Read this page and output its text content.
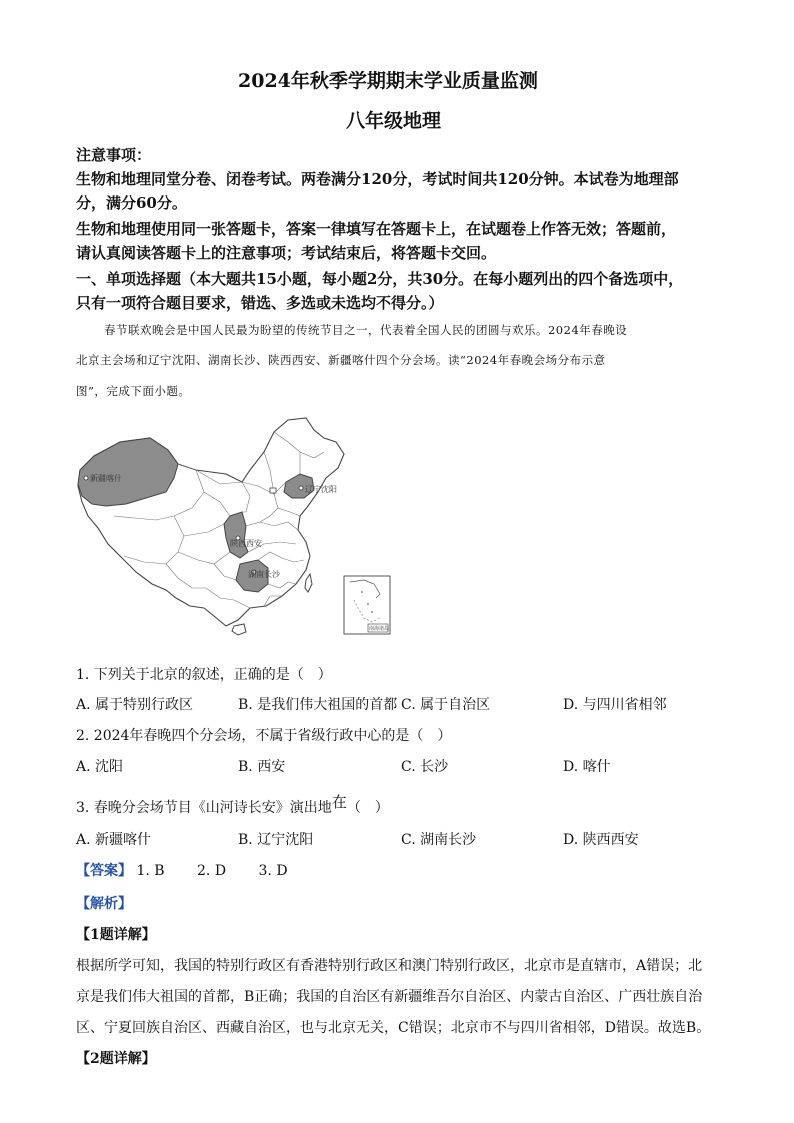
2024年秋季学期期末学业质量监测
八年级地理
注意事项：
生物和地理同堂分卷、闭卷考试。两卷满分120分，考试时间共120分钟。本试卷为地理部
分，满分60分。
生物和地理使用同一张答题卡，答案一律填写在答题卡上，在试题卷上作答无效；答题前，
请认真阅读答题卡上的注意事项；考试结束后，将答题卡交回。
一、单项选择题（本大题共15小题，每小题2分，共30分。在每小题列出的四个备选项中，
只有一项符合题目要求，错选、多选或未选均不得分。）
春节联欢晚会是中国人民最为盼望的传统节目之一，代表着全国人民的团圆与欢乐。2024年春晚设
北京主会场和辽宁沈阳、湖南长沙、陕西西安、新疆喀什四个分会场。读“2024年春晚会场分布示意
图”，完成下面小题。
新疆喀什
辽宁沈阳
陕西西安
湖南长沙
南海诸岛
1. 下列关于北京的叙述，正确的是（　）
A. 属于特别行政区	B. 是我们伟大祖国的首都 C. 属于自治区	D. 与四川省相邻
2. 2024年春晚四个分会场，不属于省级行政中心的是（　）
A. 沈阳	B. 西安	C. 长沙	D. 喀什
3. 春晚分会场节目《山河诗长安》演出地在（　）
A. 新疆喀什	B. 辽宁沈阳	C. 湖南长沙	D. 陕西西安
【答案】 1. B 2. D 3. D
【解析】
【1题详解】
根据所学可知，我国的特别行政区有香港特别行政区和澳门特别行政区，北京市是直辖市，A错误；北
京是我们伟大祖国的首都，B正确；我国的自治区有新疆维吾尔自治区、内蒙古自治区、广西壮族自治
区、宁夏回族自治区、西藏自治区，也与北京无关，C错误；北京市不与四川省相邻，D错误。故选B。
【2题详解】
